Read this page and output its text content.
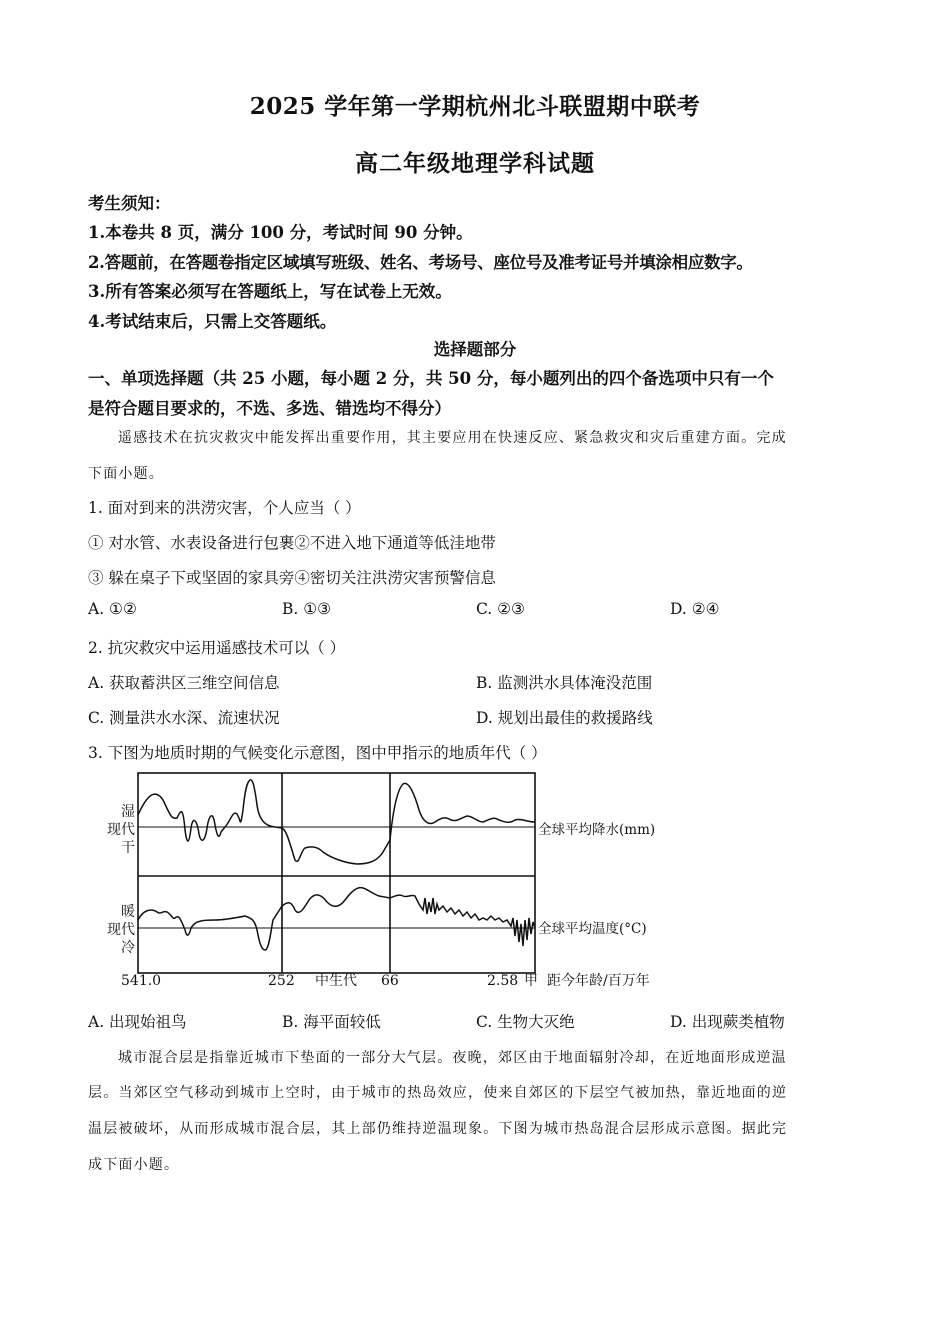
2025 学年第一学期杭州北斗联盟期中联考
高二年级地理学科试题
考生须知：
1.本卷共 8 页，满分 100 分，考试时间 90 分钟。
2.答题前，在答题卷指定区域填写班级、姓名、考场号、座位号及准考证号并填涂相应数字。
3.所有答案必须写在答题纸上，写在试卷上无效。
4.考试结束后，只需上交答题纸。
选择题部分
一、单项选择题（共 25 小题，每小题 2 分，共 50 分，每小题列出的四个备选项中只有一个
是符合题目要求的，不选、多选、错选均不得分）
遥感技术在抗灾救灾中能发挥出重要作用，其主要应用在快速反应、紧急救灾和灾后重建方面。完成
下面小题。
1. 面对到来的洪涝灾害，个人应当（ ）
① 对水管、水表设备进行包裹②不进入地下通道等低洼地带
③ 躲在桌子下或坚固的家具旁④密切关注洪涝灾害预警信息
A. ①②	B. ①③	C. ②③	D. ②④
2. 抗灾救灾中运用遥感技术可以（ ）
A. 获取蓄洪区三维空间信息	B. 监测洪水具体淹没范围
C. 测量洪水水深、流速状况	D. 规划出最佳的救援路线
3. 下图为地质时期的气候变化示意图，图中甲指示的地质年代（ ）
湿
现代
干
暖
现代
冷
全球平均降水(mm)
全球平均温度(°C)
541.0	252 中生代 66	2.58 甲 距今年龄/百万年
A. 出现始祖鸟	B. 海平面较低	C. 生物大灭绝	D. 出现蕨类植物
城市混合层是指靠近城市下垫面的一部分大气层。夜晚，郊区由于地面辐射冷却，在近地面形成逆温
层。当郊区空气移动到城市上空时，由于城市的热岛效应，使来自郊区的下层空气被加热，靠近地面的逆
温层被破坏，从而形成城市混合层，其上部仍维持逆温现象。下图为城市热岛混合层形成示意图。据此完
成下面小题。
